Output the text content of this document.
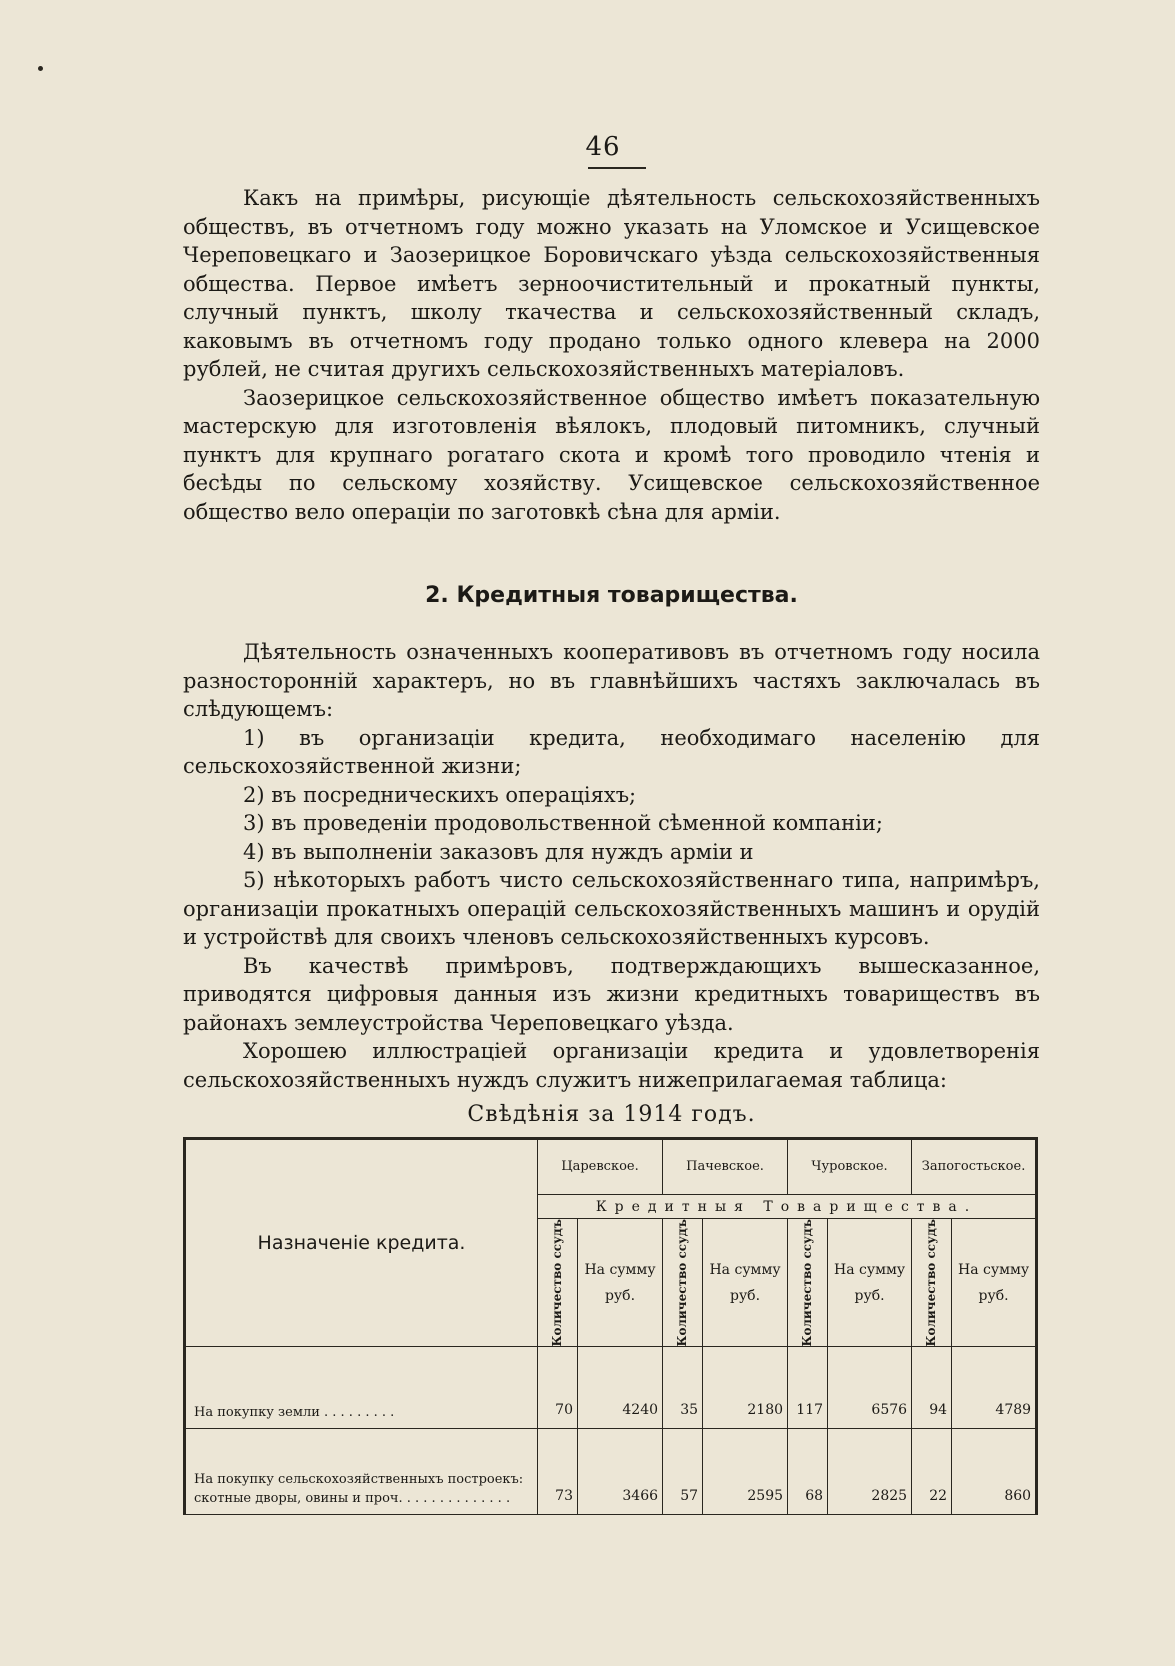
46

Какъ на примѣры, рисующіе дѣятельность сельскохозяйственныхъ обществъ, въ отчетномъ году можно указать на Уломское и Усищевское Череповецкаго и Заозерицкое Боровичскаго уѣзда сельскохозяйственныя общества. Первое имѣетъ зерноочистительный и прокатный пункты, случный пунктъ, школу ткачества и сельскохозяйственный складъ, каковымъ въ отчетномъ году продано только одного клевера на 2000 рублей, не считая другихъ сельскохозяйственныхъ матеріаловъ.

Заозерицкое сельскохозяйственное общество имѣетъ показательную мастерскую для изготовленія вѣялокъ, плодовый питомникъ, случный пунктъ для крупнаго рогатаго скота и кромѣ того проводило чтенія и бесѣды по сельскому хозяйству. Усищевское сельскохозяйственное общество вело операціи по заготовкѣ сѣна для арміи.

2. Кредитныя товарищества.

Дѣятельность означенныхъ кооперативовъ въ отчетномъ году носила разносторонній характеръ, но въ главнѣйшихъ частяхъ заключалась въ слѣдующемъ:

1) въ организаціи кредита, необходимаго населенію для сельскохозяйственной жизни;

2) въ посредническихъ операціяхъ;

3) въ проведеніи продовольственной сѣменной компаніи;

4) въ выполненіи заказовъ для нуждъ арміи и

5) нѣкоторыхъ работъ чисто сельскохозяйственнаго типа, напримѣръ, организаціи прокатныхъ операцій сельскохозяйственныхъ машинъ и орудій и устройствѣ для своихъ членовъ сельскохозяйственныхъ курсовъ.

Въ качествѣ примѣровъ, подтверждающихъ вышесказанное, приводятся цифровыя данныя изъ жизни кредитныхъ товариществъ въ районахъ землеустройства Череповецкаго уѣзда.

Хорошею иллюстраціей организаціи кредита и удовлетворенія сельскохозяйственныхъ нуждъ служитъ нижеприлагаемая таблица:

Свѣдѣнія за 1914 годъ.
Назначеніе кредита.	Царевское.		Пачевское.		Чуровское.		Запогостьское.	
	Кредитныя Товарищества.							

	Количество ссудъ	На сумму руб.	Количество ссудъ	На сумму руб.	Количество ссудъ	На сумму руб.	Количество ссудъ	На сумму руб.
На покупку земли . . . . . . . . .	70	4240	35	2180	117	6576	94	4789
На покупку сельскохозяйственныхъ построекъ: скотные дворы, овины и проч. . . . . . . . . . . . . .	73	3466	57	2595	68	2825	22	860
